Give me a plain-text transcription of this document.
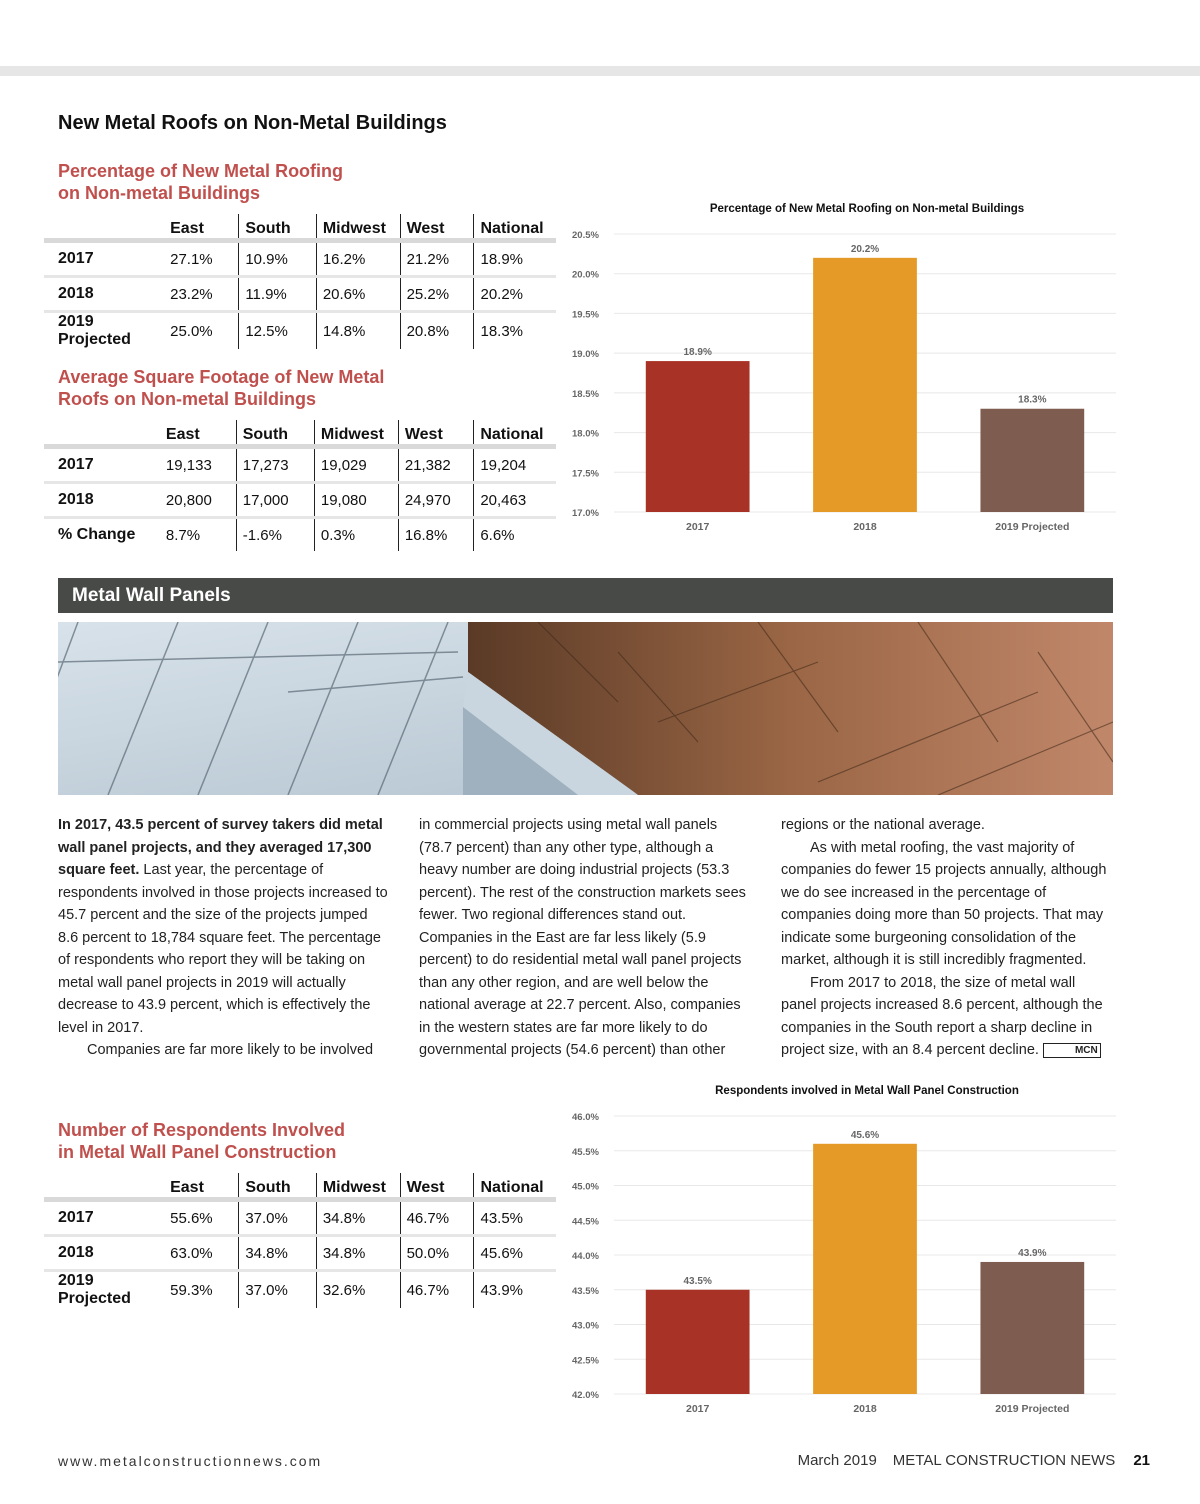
New Metal Roofs on Non-Metal Buildings
Percentage of New Metal Roofing
on Non-metal Buildings
	East	South	Midwest	West	National
2017	27.1%	10.9%	16.2%	21.2%	18.9%
2018	23.2%	11.9%	20.6%	25.2%	20.2%
2019 Projected	25.0%	12.5%	14.8%	20.8%	18.3%
Percentage of New Metal Roofing on Non-metal Buildings
17.0%
17.5%
18.0%
18.5%
19.0%
19.5%
20.0%
20.5%
18.9%
2017
20.2%
2018
18.3%
2019 Projected
Average Square Footage of New Metal
Roofs on Non-metal Buildings
	East	South	Midwest	West	National
2017	19,133	17,273	19,029	21,382	19,204
2018	20,800	17,000	19,080	24,970	20,463
% Change	8.7%	-1.6%	0.3%	16.8%	6.6%
Metal Wall Panels

In 2017, 43.5 percent of survey takers did metal wall panel projects, and they averaged 17,300 square feet. Last year, the percentage of respondents involved in those projects increased to 45.7 percent and the size of the projects jumped 8.6 percent to 18,784 square feet. The percentage of respondents who report they will be taking on metal wall panel projects in 2019 will actually decrease to 43.9 percent, which is effectively the level in 2017.

Companies are far more likely to be involved

in commercial projects using metal wall panels (78.7 percent) than any other type, although a heavy number are doing industrial projects (53.3 percent). The rest of the construction markets sees fewer. Two regional differences stand out. Companies in the East are far less likely (5.9 percent) to do residential metal wall panel projects than any other region, and are well below the national average at 22.7 percent. Also, companies in the western states are far more likely to do governmental projects (54.6 percent) than other

regions or the national average.

As with metal roofing, the vast majority of companies do fewer 15 projects annually, although we do see increased in the percentage of companies doing more than 50 projects. That may indicate some burgeoning consolidation of the market, although it is still incredibly fragmented.

From 2017 to 2018, the size of metal wall panel projects increased 8.6 percent, although the companies in the South report a sharp decline in project size, with an 8.4 percent decline.	MCN

Number of Respondents Involved
in Metal Wall Panel Construction
	East	South	Midwest	West	National
2017	55.6%	37.0%	34.8%	46.7%	43.5%
2018	63.0%	34.8%	34.8%	50.0%	45.6%
2019 Projected	59.3%	37.0%	32.6%	46.7%	43.9%
Respondents involved in Metal Wall Panel Construction
42.0%
42.5%
43.0%
43.5%
44.0%
44.5%
45.0%
45.5%
46.0%
43.5%
2017
45.6%
2018
43.9%
2019 Projected
www.metalconstructionnews.com	March 2019 METAL CONSTRUCTION NEWS 21
